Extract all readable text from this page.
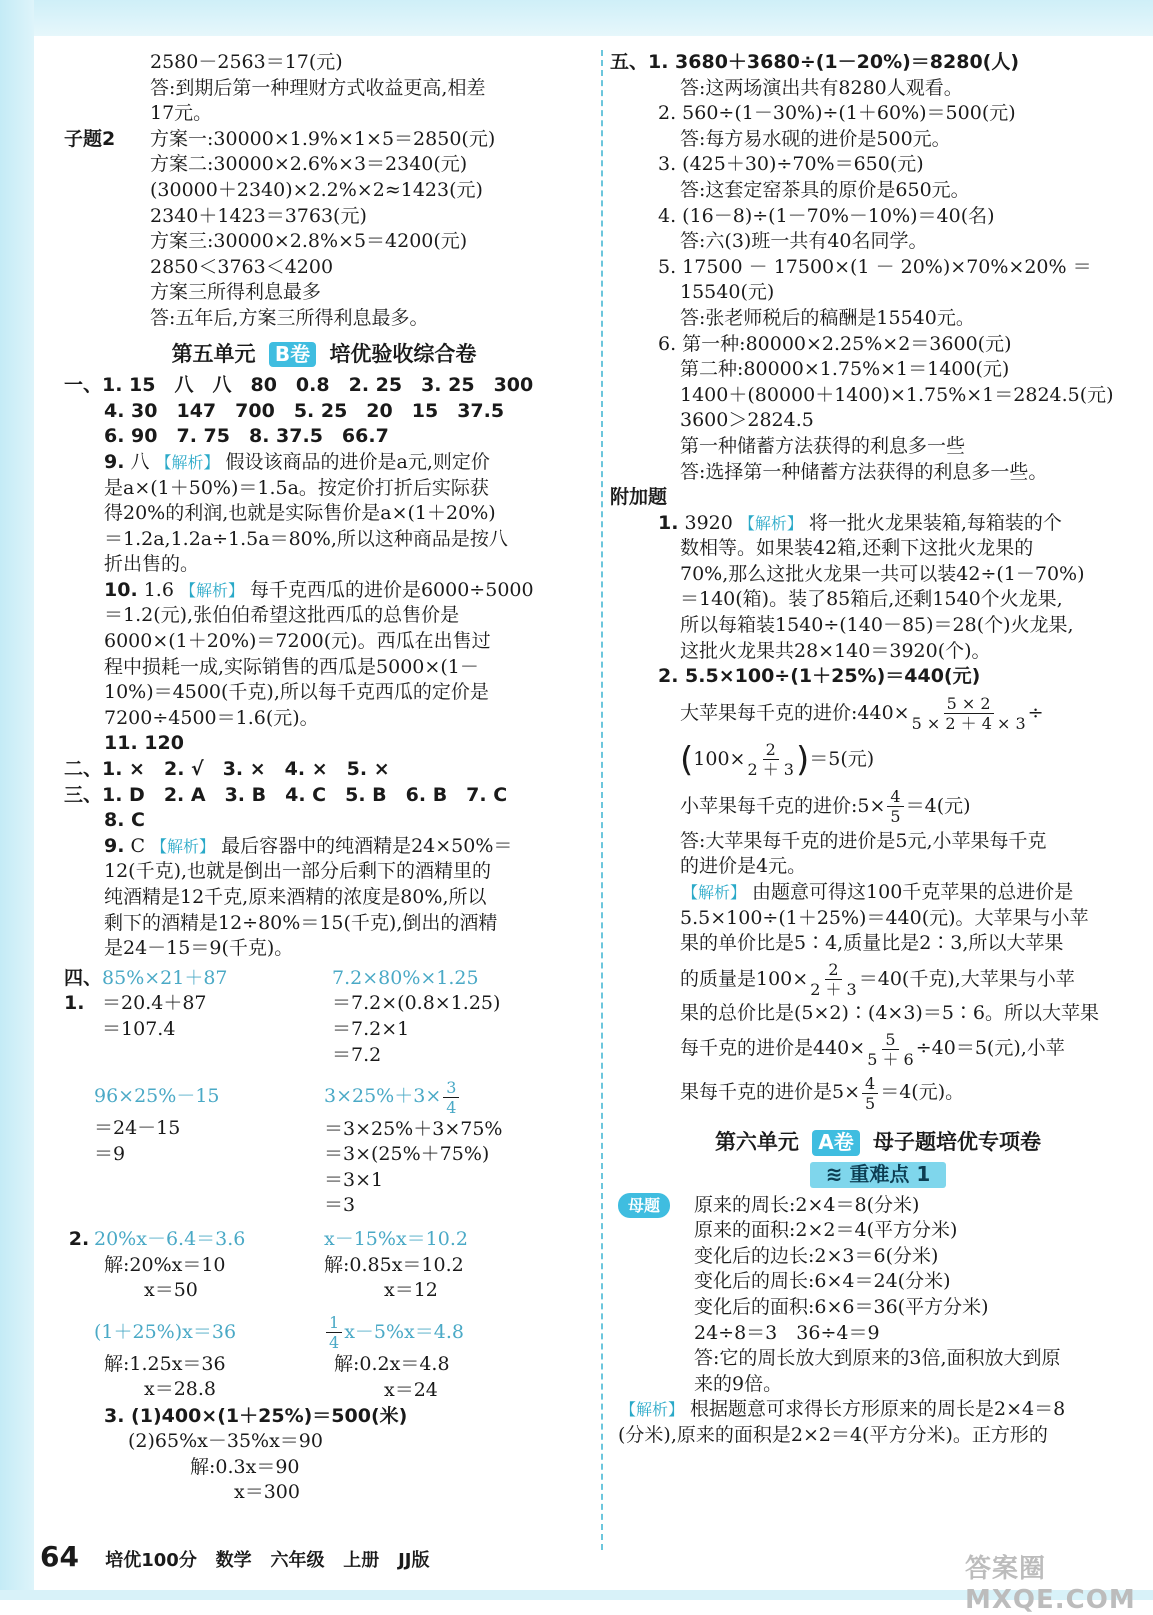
2580－2563＝17(元)
答:到期后第一种理财方式收益更高,相差
17元。
子题2	方案一:30000×1.9%×1×5＝2850(元)
方案二:30000×2.6%×3＝2340(元)
(30000＋2340)×2.2%×2≈1423(元)
2340＋1423＝3763(元)
方案三:30000×2.8%×5＝4200(元)
2850＜3763＜4200
方案三所得利息最多
答:五年后,方案三所得利息最多。
第五单元 B卷 培优验收综合卷
一、1. 15　八　八　80　0.8　2. 25　3. 25　300
4. 30　147　700　5. 25　20　15　37.5
6. 90　7. 75　8. 37.5　66.7
9. 八 【解析】 假设该商品的进价是a元,则定价
是a×(1＋50%)＝1.5a。按定价打折后实际获
得20%的利润,也就是实际售价是a×(1＋20%)
＝1.2a,1.2a÷1.5a＝80%,所以这种商品是按八
折出售的。
10. 1.6 【解析】 每千克西瓜的进价是6000÷5000
＝1.2(元),张伯伯希望这批西瓜的总售价是
6000×(1＋20%)＝7200(元)。西瓜在出售过
程中损耗一成,实际销售的西瓜是5000×(1－
10%)＝4500(千克),所以每千克西瓜的定价是
7200÷4500＝1.6(元)。
11. 120
二、1. ×　2. √　3. ×　4. ×　5. ×
三、1. D　2. A　3. B　4. C　5. B　6. B　7. C
8. C
9. C 【解析】 最后容器中的纯酒精是24×50%＝
12(千克),也就是倒出一部分后剩下的酒精里的
纯酒精是12千克,原来酒精的浓度是80%,所以
剩下的酒精是12÷80%＝15(千克),倒出的酒精
是24－15＝9(千克)。
四、1.
85%×21＋87
＝20.4＋87
＝107.4
7.2×80%×1.25
＝7.2×(0.8×1.25)
＝7.2×1
＝7.2
96×25%－15
＝24－15
＝9
$3\times 25\%+3\times \frac{3}{4}$
＝3×25%＋3×75%
＝3×(25%＋75%)
＝3×1
＝3
2. 20%x－6.4＝3.6
解:20%x＝10
x＝50
x－15%x＝10.2
解:0.85x＝10.2
x＝12
(1＋25%)x＝36
解:1.25x＝36
x＝28.8
$\frac{1}{4} x-5\%x=4.8$
解:0.2x＝4.8
x＝24
3. (1)400×(1＋25%)＝500(米)
(2)65%x－35%x＝90
解:0.3x＝90
x＝300
五、1. 3680＋3680÷(1－20%)＝8280(人)
答:这两场演出共有8280人观看。
2. 560÷(1－30%)÷(1＋60%)＝500(元)
答:每方易水砚的进价是500元。
3. (425＋30)÷70%＝650(元)
答:这套定窑茶具的原价是650元。
4. (16－8)÷(1－70%－10%)＝40(名)
答:六(3)班一共有40名同学。
5. 17500 － 17500×(1 － 20%)×70%×20% ＝
15540(元)
答:张老师税后的稿酬是15540元。
6. 第一种:80000×2.25%×2＝3600(元)
第二种:80000×1.75%×1＝1400(元)
1400＋(80000＋1400)×1.75%×1＝2824.5(元)
3600＞2824.5
第一种储蓄方法获得的利息多一些
答:选择第一种储蓄方法获得的利息多一些。
附加题
1. 3920 【解析】 将一批火龙果装箱,每箱装的个
数相等。如果装42箱,还剩下这批火龙果的
70%,那么这批火龙果一共可以装42÷(1－70%)
＝140(箱)。装了85箱后,还剩1540个火龙果,
所以每箱装1540÷(140－85)＝28(个)火龙果,
这批火龙果共28×140＝3920(个)。
2. 5.5×100÷(1＋25%)＝440(元)
大苹果每千克的进价:440× $\frac{5 \times 2}{5 \times 2 + 4 \times 3}$ ÷
$(100\times \frac{2}{2 + 3} )=5$(元)
小苹果每千克的进价:5× $\frac{4}{5} =4$(元)
答:大苹果每千克的进价是5元,小苹果每千克
的进价是4元。
【解析】 由题意可得这100千克苹果的总进价是
5.5×100÷(1＋25%)＝440(元)。大苹果与小苹
果的单价比是5∶4,质量比是2∶3,所以大苹果
的质量是$100\times \frac{2}{2 + 3} =40$(千克),大苹果与小苹
果的总价比是(5×2)∶(4×3)＝5∶6。所以大苹果
每千克的进价是$440\times \frac{5}{5 + 6} \div 40=5$(元),小苹
果每千克的进价是$5\times \frac{4}{5} =4$(元)。
第六单元 A卷 母子题培优专项卷
≋ 重难点 1
母题	原来的周长:2×4＝8(分米)
原来的面积:2×2＝4(平方分米)
变化后的边长:2×3＝6(分米)
变化后的周长:6×4＝24(分米)
变化后的面积:6×6＝36(平方分米)
24÷8＝3　36÷4＝9
答:它的周长放大到原来的3倍,面积放大到原
来的9倍。
【解析】 根据题意可求得长方形原来的周长是2×4＝8
(分米),原来的面积是2×2＝4(平方分米)。正方形的
64 培优100分 数学 六年级 上册 JJ版	答案圈 MXQE.COM
